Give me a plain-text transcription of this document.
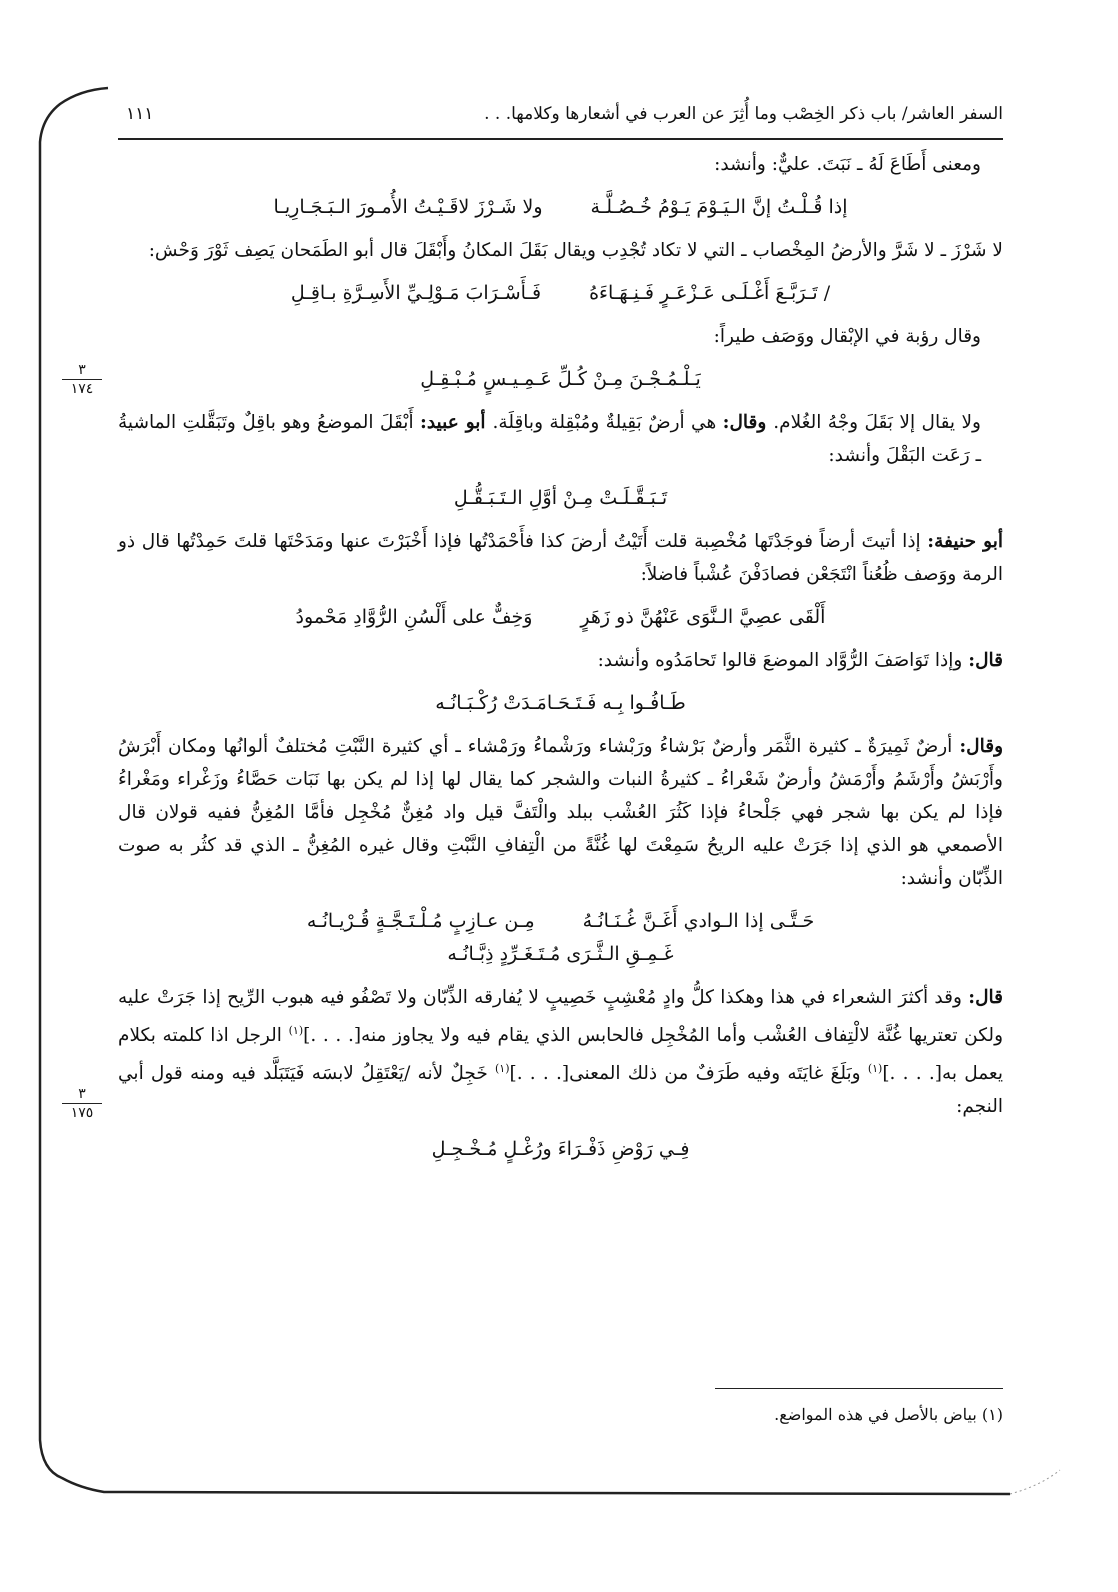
السفر العاشر/ باب ذكر الخِصْب وما أُثِرَ عن العرب في أشعارها وكلامها. . .
١١١

ومعنى أَطَاعَ لَهُ ـ نَبَتَ. عليٌّ: وأنشد:

إذا قُـلْـتُ إنَّ الـيَـوْمَ يَـوْمُ خُـصُـلَّـة
ولا شَـرْزَ لاقَـيْـتُ الأُمـورَ الـبَـجَـارِيـا

لا شَرْزَ ـ لا شَرَّ والأرضُ المِخْصاب ـ التي لا تكاد تُجْدِب ويقال بَقَلَ المكانُ وأَبْقَلَ قال أبو الطَمَحان يَصِف ثَوْرَ وَحْش:

/ تَـرَبَّـعَ أَغْـلَـى عَـزْعَـرٍ فَـنِـهَـاءَهُ
فَـأَسْـرَابَ مَـوْلِـيِّ الأَسِـرَّةِ بـاقِـلِ

وقال رؤبة في الإبْقال ووَصَف طيراً:

يَـلْـمُـجْـنَ مِـنْ كُـلِّ عَـمِـيـسٍ مُـبْـقِـلِ

ولا يقال إلا بَقَلَ وجْهُ الغُلام. وقال: هي أرضٌ بَقِيلةٌ ومُبْقِلة وباقِلَة. أبو عبيد: أَبْقَلَ الموضعُ وهو باقِلٌ وتَبَقَّلتِ الماشيةُ ـ رَعَت البَقْلَ وأنشد:

تَـبَـقَّـلَـتْ مِـنْ أوَّلِ الـتَـبَـقُّـلِ

أبو حنيفة: إذا أتيتَ أرضاً فوجَدْتَها مُخْصِبة قلت أَتَيْتُ أرضَ كذا فأَحْمَدْتُها فإذا أَخْبَرْتَ عنها ومَدَحْتَها قلتَ حَمِدْتُها قال ذو الرمة ووَصف ظُعُناً انْتَجَعْن فصادَفْنَ عُشْباً فاضلاً:

أَلْقَى عصِيَّ الـنَّوَى عَنْهُنَّ ذو زَهَرٍ
وَخِفٌّ على أَلْسُنِ الرُّوَّادِ مَحْمودُ

قال: وإذا تَوَاصَفَ الرُّوَّاد الموضعَ قالوا تَحامَدُوه وأنشد:

طَـافُـوا بِـه فَـتَـحَـامَـدَتْ رُكْـبَـانُـه

وقال: أرضٌ ثَمِيرَةٌ ـ كثيرة الثَّمَر وأرضٌ بَرْشاءُ ورَبْشاء ورَشْماءُ ورَمْشاء ـ أي كثيرة النَّبْتِ مُختلفٌ ألوانُها ومكان أَبْرَشُ وأَرْبَشُ وأَرْشَمُ وأَرْمَشُ وأرضٌ شَعْراءُ ـ كثيرةُ النبات والشجر كما يقال لها إذا لم يكن بها نَبَات حَصَّاءُ وزَغْراء ومَغْراءُ فإذا لم يكن بها شجر فهي جَلْحاءُ فإذا كَثُرَ العُشْب ببلد والْتَفَّ قيل واد مُغِنٌّ مُخْجِل فأمَّا المُغِنُّ ففيه قولان قال الأصمعي هو الذي إذا جَرَتْ عليه الريحُ سَمِعْتَ لها غُنَّةً من الْتِفافِ النَّبْتِ وقال غيره المُغِنُّ ـ الذي قد كثُر به صوت الذِّبّان وأنشد:

حَـتَّـى إذا الـوادي أَغَـنَّ غُـنَـانُـهُ
مِـن عـازِبٍ مُـلْـتَـجَّـةٍ قُـرْيـانُـه
غَـمِـقِ الـثَّـرَى مُـتَـغَـرِّدٍ ذِبَّـانُـه

قال: وقد أكثرَ الشعراء في هذا وهكذا كلُّ وادٍ مُعْشِبٍ خَصِيبٍ لا يُفارقه الذِّبّان ولا تَصْفُو فيه هبوب الرِّيح إذا جَرَتْ عليه ولكن تعتريها غُنَّة لالْتِفاف العُشْب وأما المُخْجِل فالحابس الذي يقام فيه ولا يجاوز منه[. . . .]$^{(١)}$ الرجل اذا كلمته بكلام يعمل به[. . . .]$^{(١)}$ وبَلَغَ غايَتَه وفيه طَرَفٌ من ذلك المعنى[. . . .]$^{(١)}$ خَجِلٌ لأنه /يَعْتَقِلُ لابسَه فَيَتَبَلَّد فيه ومنه قول أبي النجم:

فِـي رَوْضِ ذَفْـرَاءَ ورُغْـلٍ مُـخْـجِـلِ
(١) بياض بالأصل في هذه المواضع.
٣
١٧٤
٣
١٧٥
